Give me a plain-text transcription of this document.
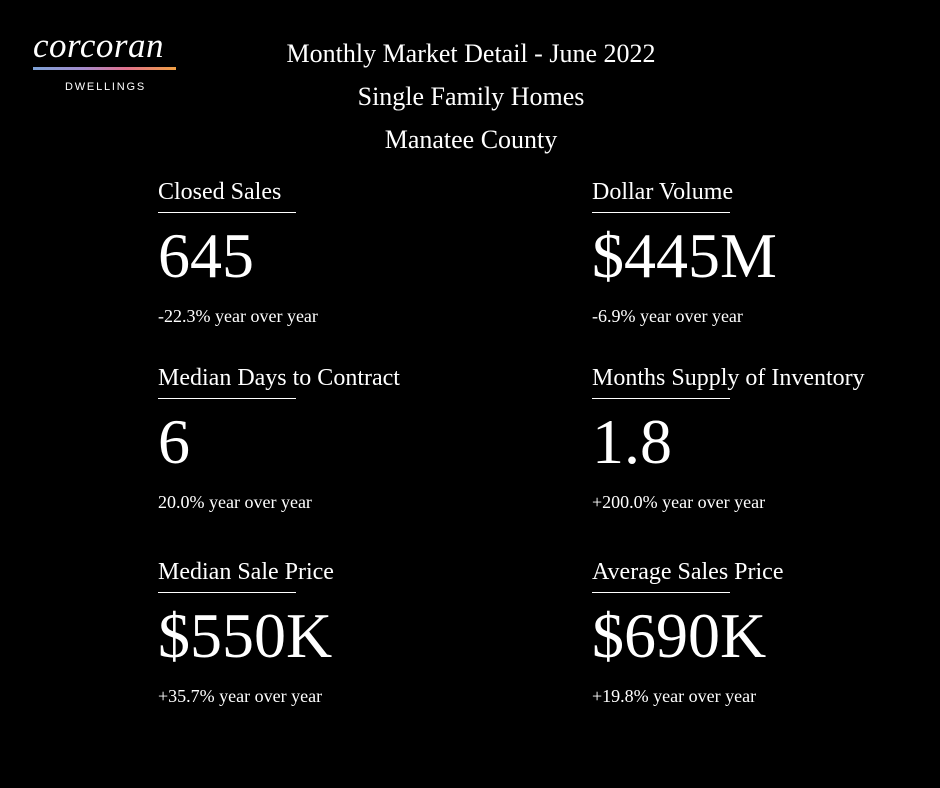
corcoran
DWELLINGS
Monthly Market Detail - June 2022
Single Family Homes
Manatee County
Closed Sales
645
-22.3% year over year
Dollar Volume
$445M
-6.9% year over year
Median Days to Contract
6
20.0% year over year
Months Supply of Inventory
1.8
+200.0% year over year
Median Sale Price
$550K
+35.7% year over year
Average Sales Price
$690K
+19.8% year over year
